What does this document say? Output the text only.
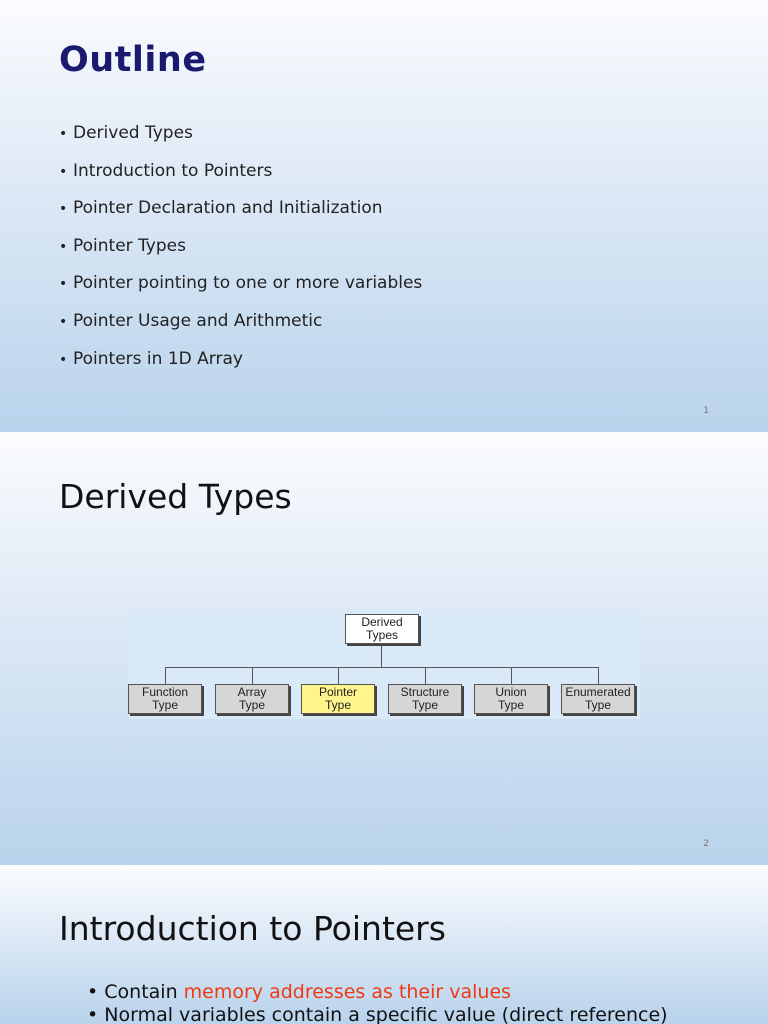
Outline
• Derived Types
• Introduction to Pointers
• Pointer Declaration and Initialization
• Pointer Types
• Pointer pointing to one or more variables
• Pointer Usage and Arithmetic
• Pointers in 1D Array
1
Derived Types
Derived
Types
Function
Type
Array
Type
Pointer
Type
Structure
Type
Union
Type
Enumerated
Type
2
Introduction to Pointers
• Contain memory addresses as their values
• Normal variables contain a specific value (direct reference)
